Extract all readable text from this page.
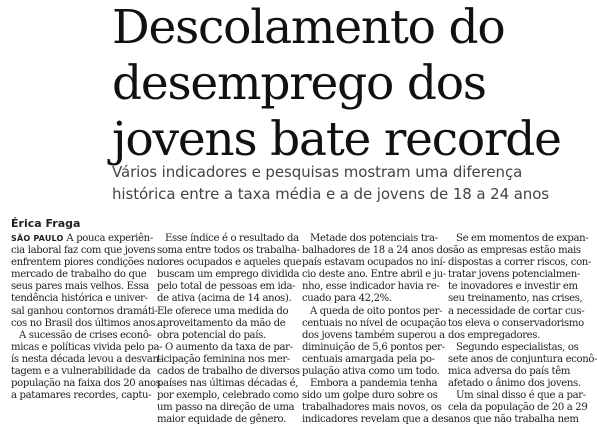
Descolamento do
desemprego dos
jovens bate recorde
Vários indicadores e pesquisas mostram uma diferença
histórica entre a taxa média e a de jovens de 18 a 24 anos
Érica Fraga
SÃO PAULO A pouca experiên-
cia laboral faz com que jovens
enfrentem piores condições no
mercado de trabalho do que
seus pares mais velhos. Essa
tendência histórica e univer-
sal ganhou contornos dramáti-
cos no Brasil dos últimos anos.
A sucessão de crises econô-
micas e políticas vivida pelo pa-
ís nesta década levou a desvan-
tagem e a vulnerabilidade da
população na faixa dos 20 anos
a patamares recordes, captu-
Esse índice é o resultado da
soma entre todos os trabalha-
dores ocupados e aqueles que
buscam um emprego dividida
pelo total de pessoas em ida-
de ativa (acima de 14 anos).
Ele oferece uma medida do
aproveitamento da mão de
obra potencial do país.
O aumento da taxa de par-
ticipação feminina nos mer-
cados de trabalho de diversos
países nas últimas décadas é,
por exemplo, celebrado como
um passo na direção de uma
maior equidade de gênero.
Metade dos potenciais tra-
balhadores de 18 a 24 anos do
país estavam ocupados no iní-
cio deste ano. Entre abril e ju-
nho, esse indicador havia re-
cuado para 42,2%.
A queda de oito pontos per-
centuais no nível de ocupação
dos jovens também superou a
diminuição de 5,6 pontos per-
centuais amargada pela po-
pulação ativa como um todo.
Embora a pandemia tenha
sido um golpe duro sobre os
trabalhadores mais novos, os
indicadores revelam que a des-
Se em momentos de expan-
são as empresas estão mais
dispostas a correr riscos, con-
tratar jovens potencialmen-
te inovadores e investir em
seu treinamento, nas crises,
a necessidade de cortar cus-
tos eleva o conservadorismo
dos empregadores.
Segundo especialistas, os
sete anos de conjuntura econô-
mica adversa do país têm
afetado o ânimo dos jovens.
Um sinal disso é que a par-
cela da população de 20 a 29
anos que não trabalha nem
